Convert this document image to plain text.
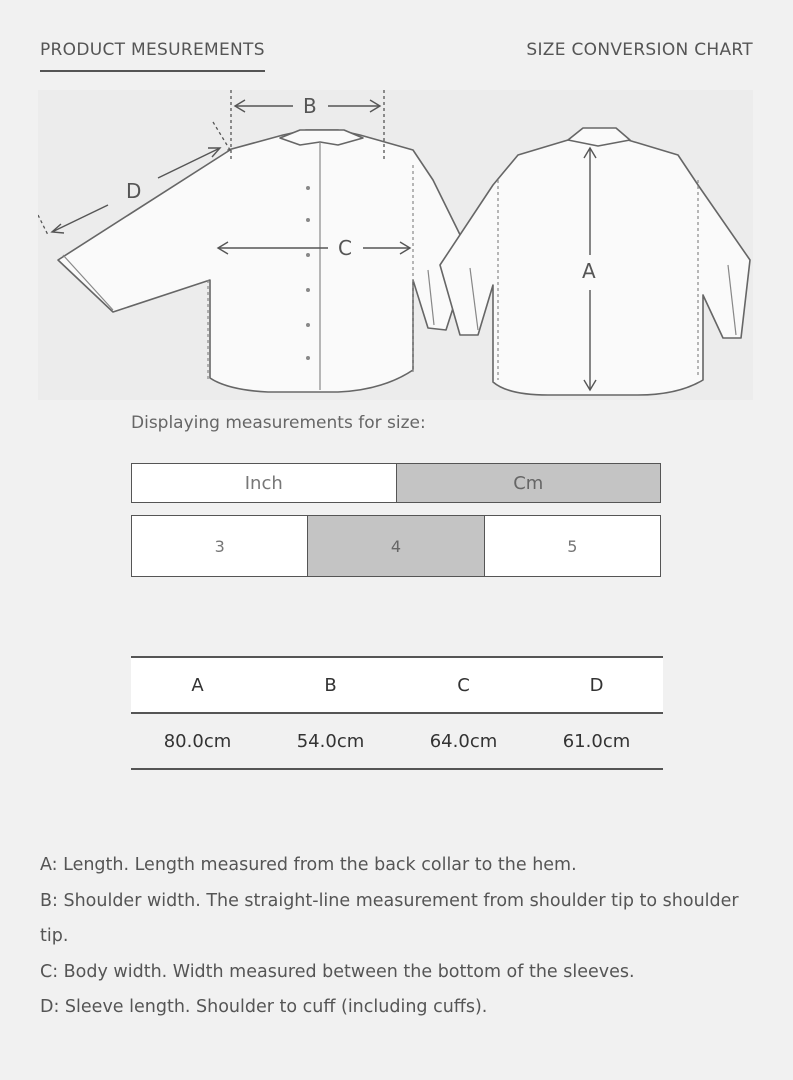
PRODUCT MESUREMENTS	SIZE CONVERSION CHART
B
C
D
A
Displaying measurements for size:
Inch	Cm
3	4	5
A	B	C	D
80.0cm	54.0cm	64.0cm	61.0cm

A: Length. Length measured from the back collar to the hem.

B: Shoulder width. The straight-line measurement from shoulder tip to shoulder tip.

C: Body width. Width measured between the bottom of the sleeves.

D: Sleeve length. Shoulder to cuff (including cuffs).
